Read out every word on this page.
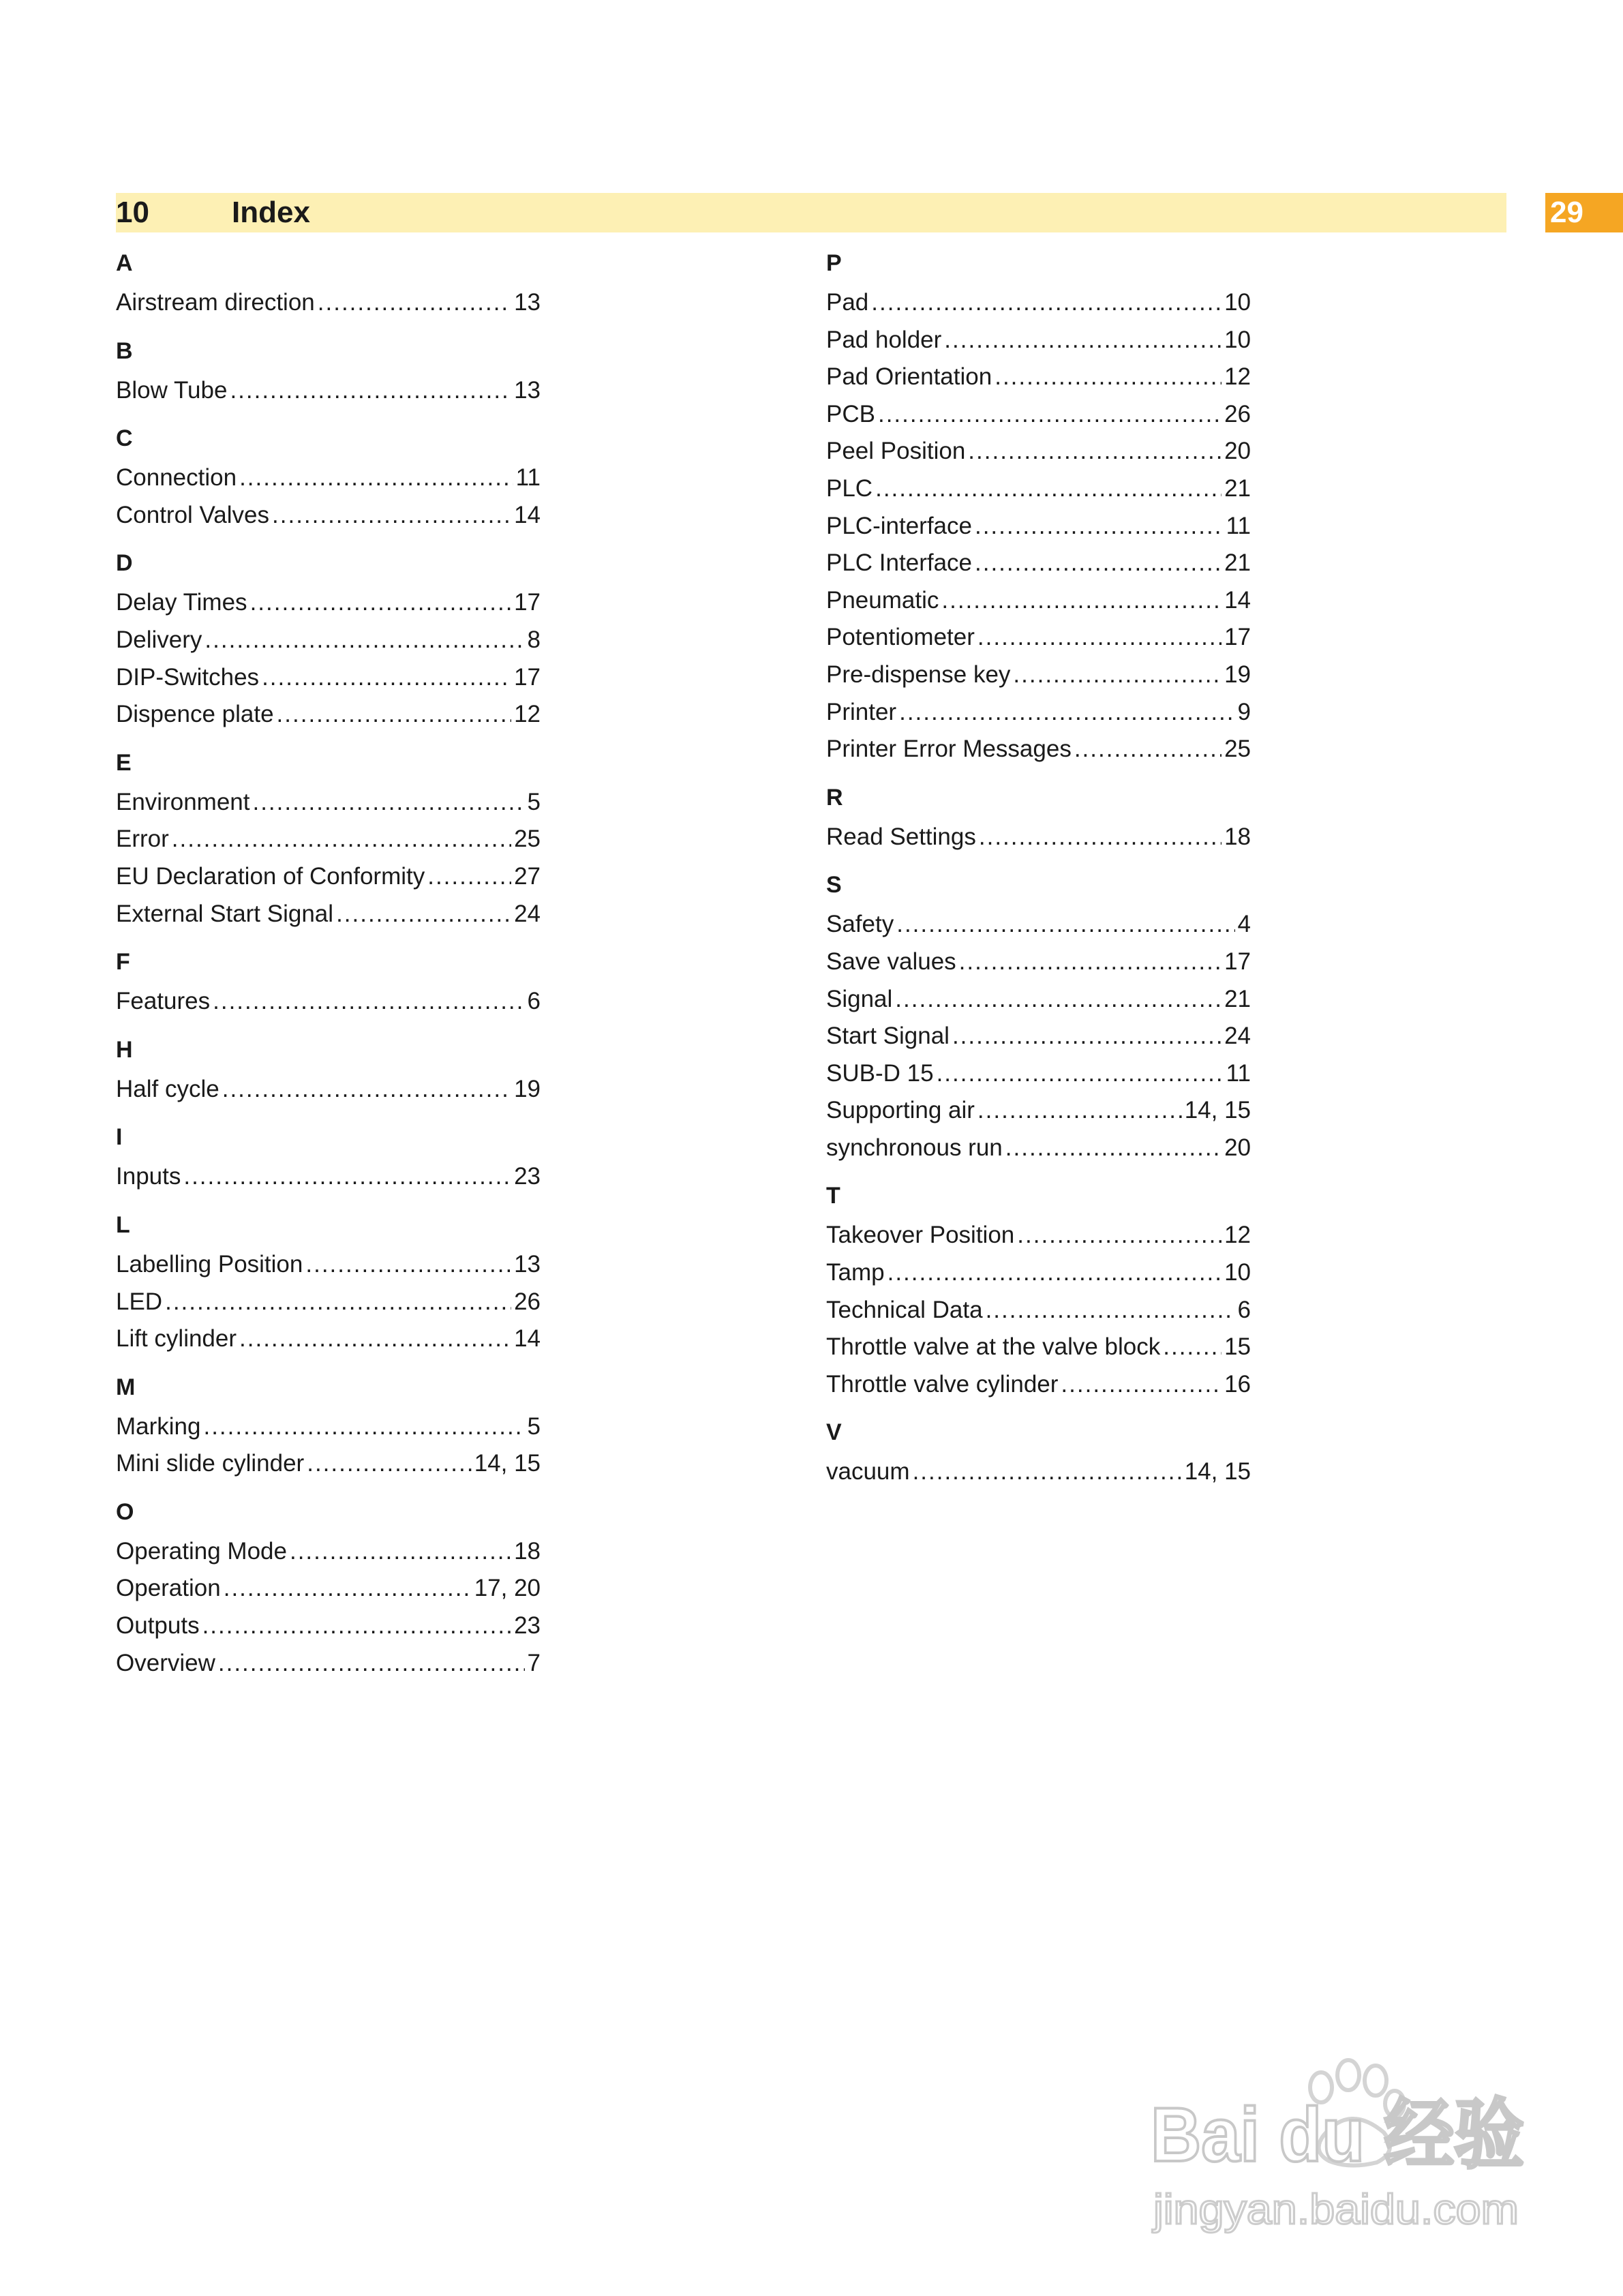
10	Index	29
A
Airstream direction .....	13
B
Blow Tube .....	13
C
Connection .....	11
Control Valves .....	14
D
Delay Times .....	17
Delivery .....	8
DIP-Switches .....	17
Dispence plate .....	12
E
Environment .....	5
Error .....	25
EU Declaration of Conformity .....	27
External Start Signal .....	24
F
Features .....	6
H
Half cycle .....	19
I
Inputs .....	23
L
Labelling Position .....	13
LED .....	26
Lift cylinder .....	14
M
Marking .....	5
Mini slide cylinder .....	14, 15
O
Operating Mode .....	18
Operation .....	17, 20
Outputs .....	23
Overview .....	7
P
Pad .....	10
Pad holder .....	10
Pad Orientation .....	12
PCB .....	26
Peel Position .....	20
PLC .....	21
PLC-interface .....	11
PLC Interface .....	21
Pneumatic .....	14
Potentiometer .....	17
Pre-dispense key .....	19
Printer .....	9
Printer Error Messages .....	25
R
Read Settings .....	18
S
Safety .....	4
Save values .....	17
Signal .....	21
Start Signal .....	24
SUB-D 15 .....	11
Supporting air .....	14, 15
synchronous run .....	20
T
Takeover Position .....	12
Tamp .....	10
Technical Data .....	6
Throttle valve at the valve block .....	15
Throttle valve cylinder .....	16
V
vacuum .....	14, 15
Bai du 经验
jingyan.baidu.com
